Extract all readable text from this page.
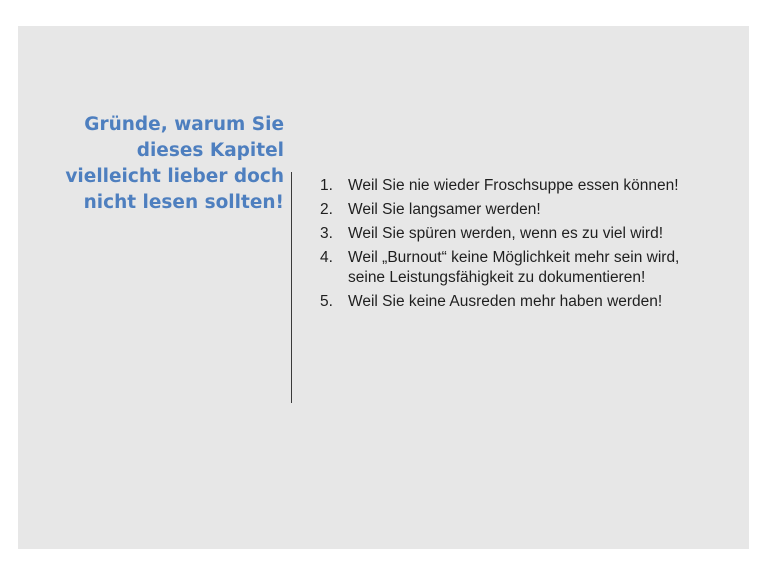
Gründe, warum Sie dieses Kapitel vielleicht lieber doch nicht lesen sollten!
1. Weil Sie nie wieder Froschsuppe essen können!
2. Weil Sie langsamer werden!
3. Weil Sie spüren werden, wenn es zu viel wird!
4. Weil „Burnout“ keine Möglichkeit mehr sein wird, seine Leistungsfähigkeit zu dokumentieren!
5. Weil Sie keine Ausreden mehr haben werden!
